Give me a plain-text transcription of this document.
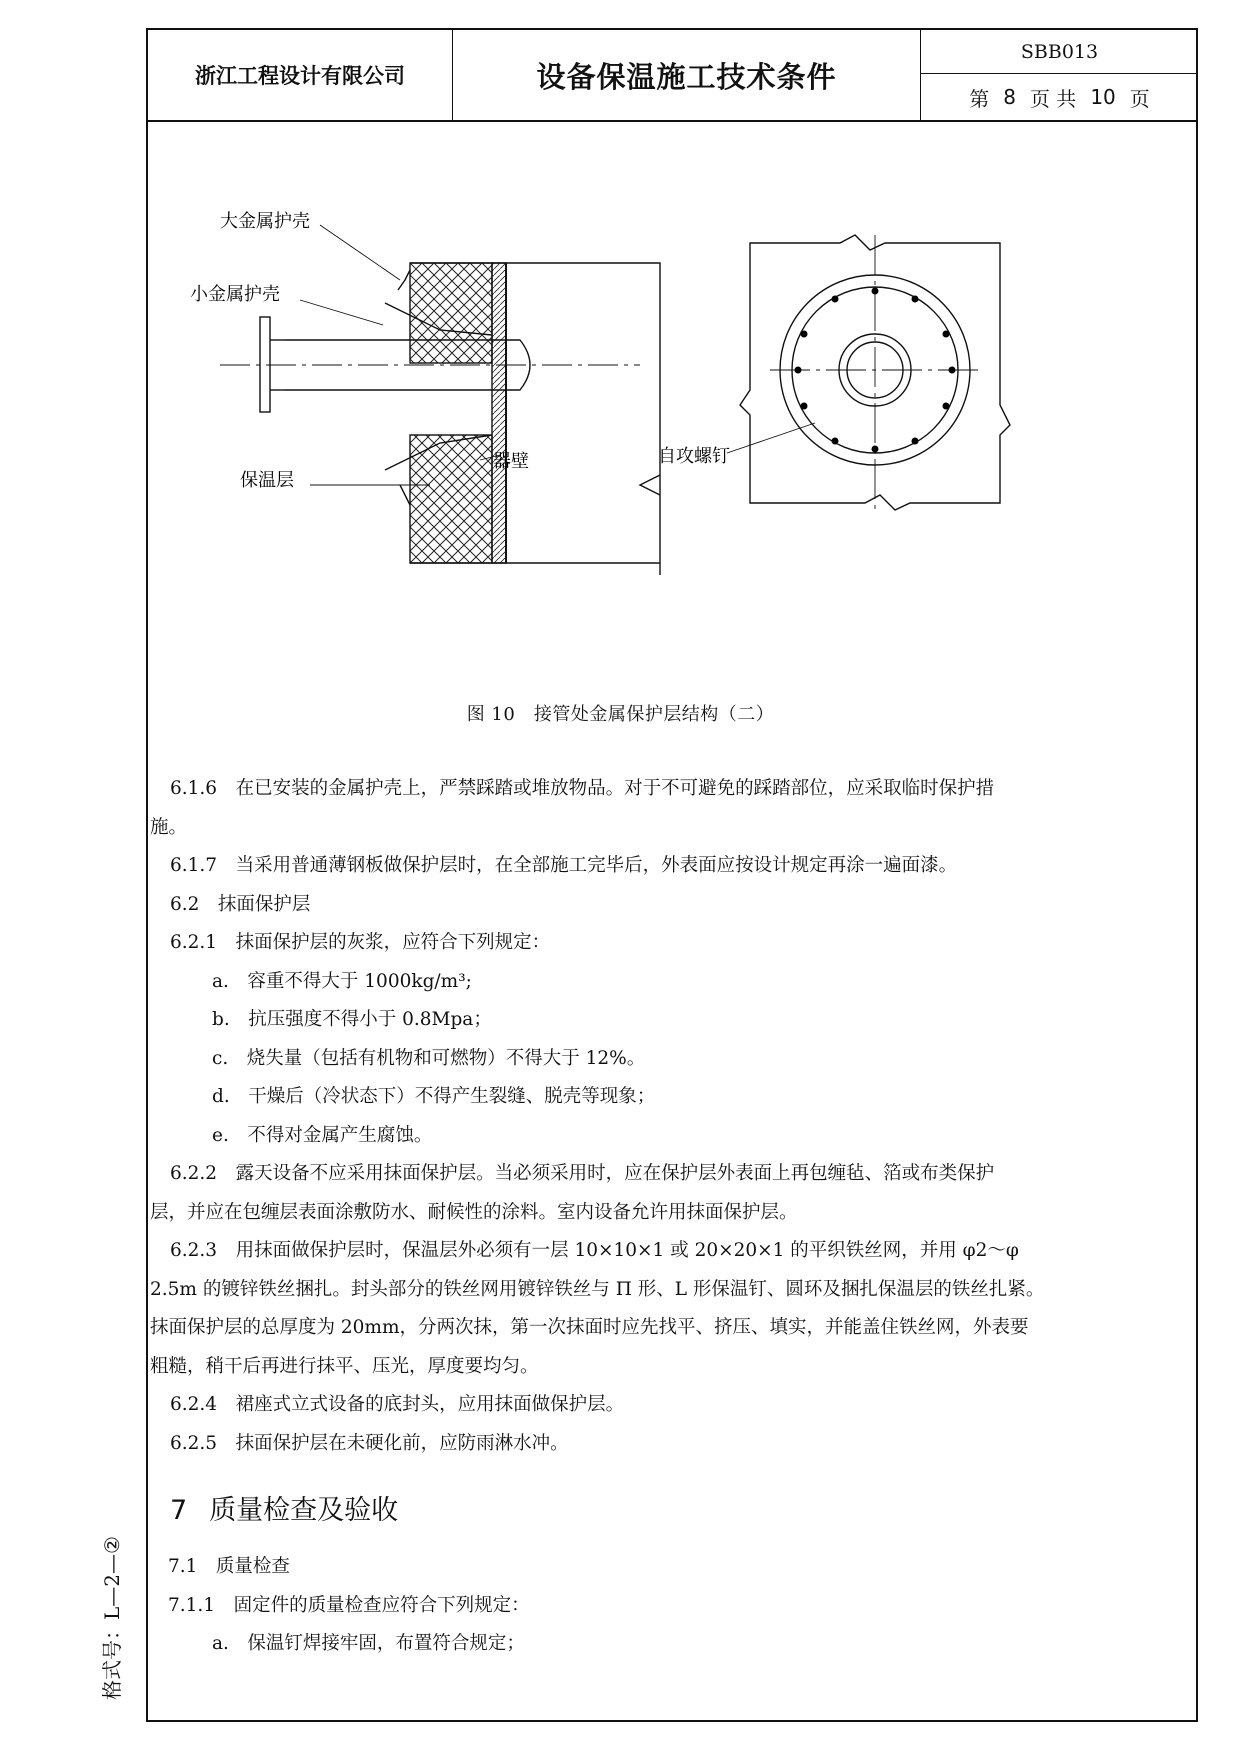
浙江工程设计有限公司	设备保温施工技术条件
SBB013
第 8 页 共 10 页
大金属护壳
小金属护壳
保温层
器壁	自攻螺钉
图 10　接管处金属保护层结构（二）

6.1.6　在已安装的金属护壳上，严禁踩踏或堆放物品。对于不可避免的踩踏部位，应采取临时保护措

施。

6.1.7　当采用普通薄钢板做保护层时，在全部施工完毕后，外表面应按设计规定再涂一遍面漆。

6.2　抹面保护层

6.2.1　抹面保护层的灰浆，应符合下列规定：

a.　容重不得大于 1000kg/m³;

b.　抗压强度不得小于 0.8Mpa；

c.　烧失量（包括有机物和可燃物）不得大于 12%。

d.　干燥后（冷状态下）不得产生裂缝、脱壳等现象；

e.　不得对金属产生腐蚀。

6.2.2　露天设备不应采用抹面保护层。当必须采用时，应在保护层外表面上再包缠毡、箔或布类保护

层，并应在包缠层表面涂敷防水、耐候性的涂料。室内设备允许用抹面保护层。

6.2.3　用抹面做保护层时，保温层外必须有一层 10×10×1 或 20×20×1 的平织铁丝网，并用 φ2～φ

2.5m 的镀锌铁丝捆扎。封头部分的铁丝网用镀锌铁丝与 Π 形、L 形保温钉、圆环及捆扎保温层的铁丝扎紧。

抹面保护层的总厚度为 20mm，分两次抹，第一次抹面时应先找平、挤压、填实，并能盖住铁丝网，外表要

粗糙，稍干后再进行抹平、压光，厚度要均匀。

6.2.4　裙座式立式设备的底封头，应用抹面做保护层。

6.2.5　抹面保护层在未硬化前，应防雨淋水冲。

7 质量检查及验收

7.1　质量检查

7.1.1　固定件的质量检查应符合下列规定：

a.　保温钉焊接牢固，布置符合规定；

格式号：L—2—②
